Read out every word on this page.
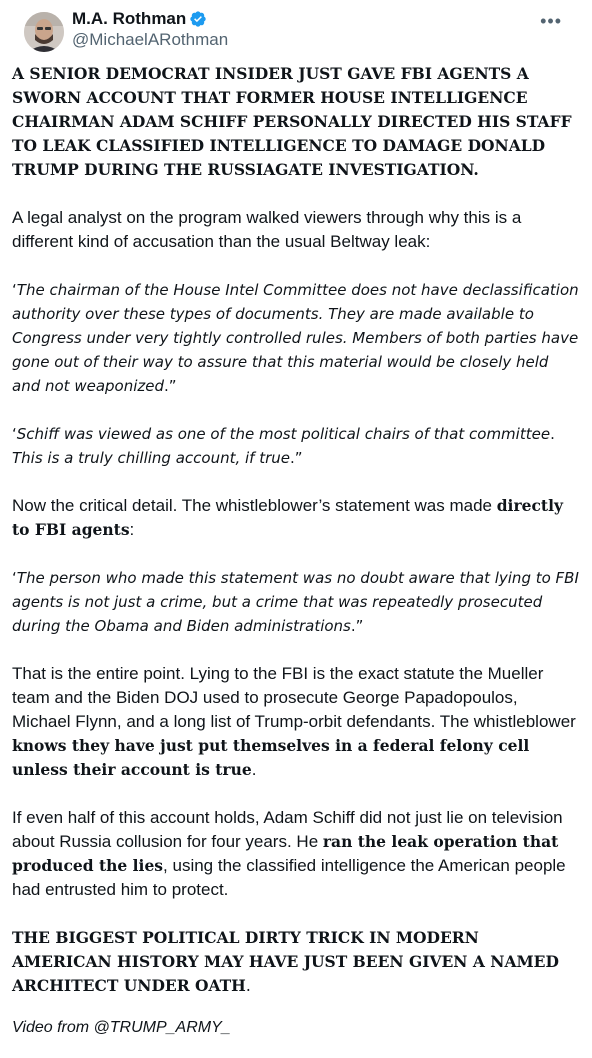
M.A. Rothman
@MichaelARothman
•••

A SENIOR DEMOCRAT INSIDER JUST GAVE FBI AGENTS A SWORN ACCOUNT THAT FORMER HOUSE INTELLIGENCE CHAIRMAN ADAM SCHIFF PERSONALLY DIRECTED HIS STAFF TO LEAK CLASSIFIED INTELLIGENCE TO DAMAGE DONALD TRUMP DURING THE RUSSIAGATE INVESTIGATION.

A legal analyst on the program walked viewers through why this is a different kind of accusation than the usual Beltway leak:

‘The chairman of the House Intel Committee does not have declassification authority over these types of documents. They are made available to Congress under very tightly controlled rules. Members of both parties have gone out of their way to assure that this material would be closely held and not weaponized.”

‘Schiff was viewed as one of the most political chairs of that committee. This is a truly chilling account, if true.”

Now the critical detail. The whistleblower’s statement was made directly to FBI agents:

‘The person who made this statement was no doubt aware that lying to FBI agents is not just a crime, but a crime that was repeatedly prosecuted during the Obama and Biden administrations.”

That is the entire point. Lying to the FBI is the exact statute the Mueller team and the Biden DOJ used to prosecute George Papadopoulos, Michael Flynn, and a long list of Trump-orbit defendants. The whistleblower knows they have just put themselves in a federal felony cell unless their account is true.

If even half of this account holds, Adam Schiff did not just lie on television about Russia collusion for four years. He ran the leak operation that produced the lies, using the classified intelligence the American people had entrusted him to protect.

THE BIGGEST POLITICAL DIRTY TRICK IN MODERN AMERICAN HISTORY MAY HAVE JUST BEEN GIVEN A NAMED ARCHITECT UNDER OATH.

Video from @TRUMP_ARMY_
